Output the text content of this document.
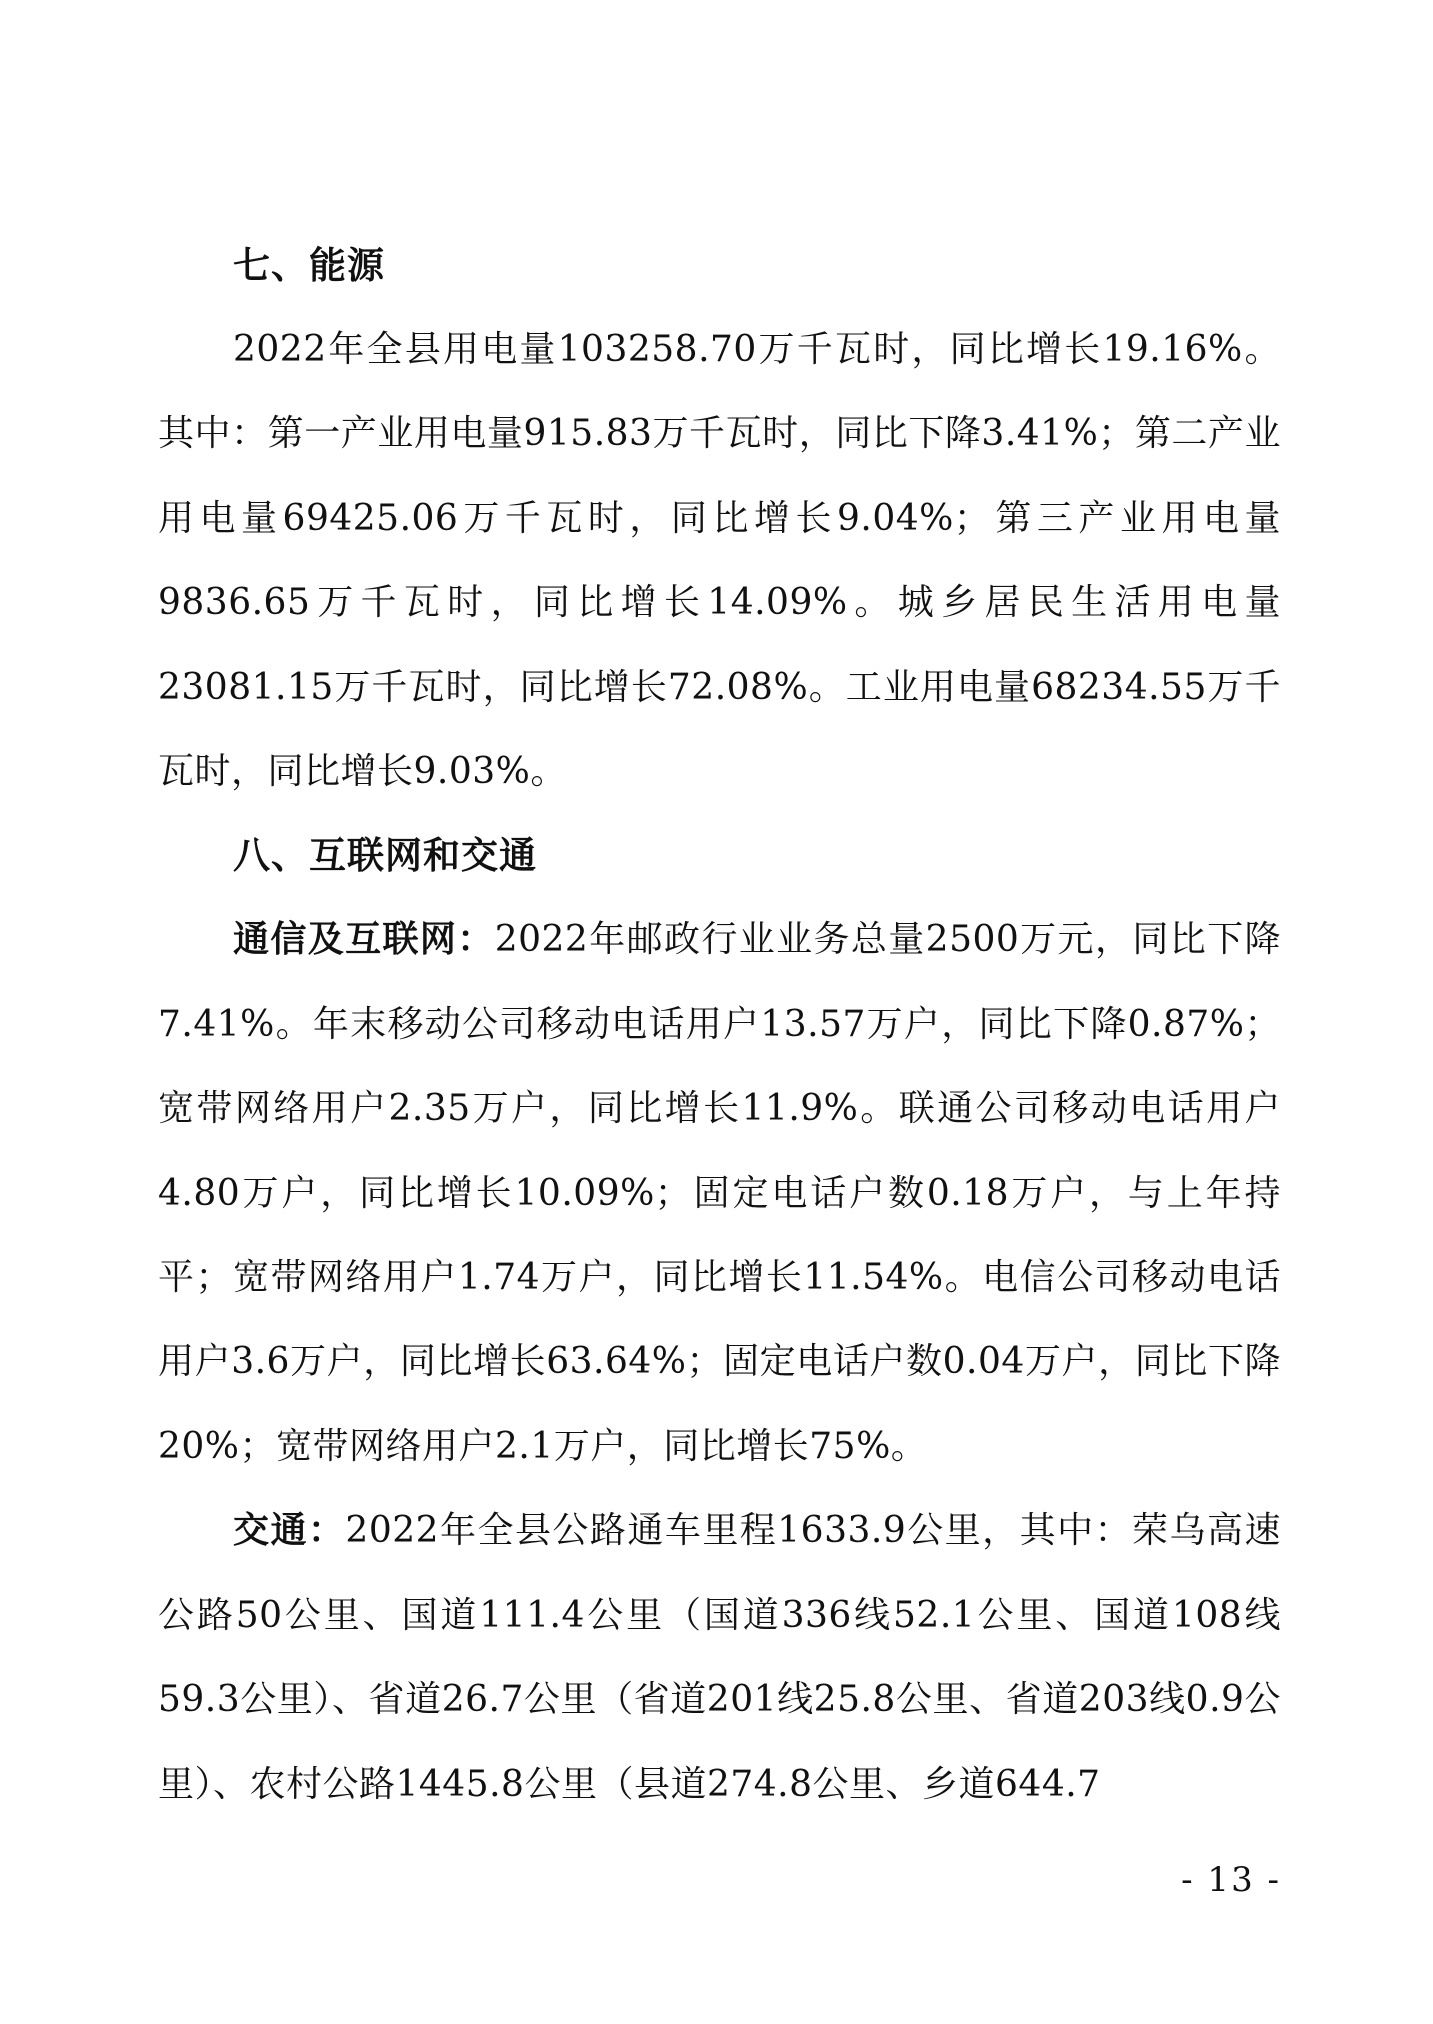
七、能源

2022年全县用电量103258.70万千瓦时，同比增长19.16%。其中：第一产业用电量915.83万千瓦时，同比下降3.41%；第二产业用电量69425.06万千瓦时，同比增长9.04%；第三产业用电量9836.65万千瓦时，同比增长14.09%。城乡居民生活用电量23081.15万千瓦时，同比增长72.08%。工业用电量68234.55万千瓦时，同比增长9.03%。

八、互联网和交通

通信及互联网：2022年邮政行业业务总量2500万元，同比下降7.41%。年末移动公司移动电话用户13.57万户，同比下降0.87%；宽带网络用户2.35万户，同比增长11.9%。联通公司移动电话用户4.80万户，同比增长10.09%；固定电话户数0.18万户，与上年持平；宽带网络用户1.74万户，同比增长11.54%。电信公司移动电话用户3.6万户，同比增长63.64%；固定电话户数0.04万户，同比下降20%；宽带网络用户2.1万户，同比增长75%。

交通：2022年全县公路通车里程1633.9公里，其中：荣乌高速公路50公里、国道111.4公里（国道336线52.1公里、国道108线59.3公里）、省道26.7公里（省道201线25.8公里、省道203线0.9公里）、农村公路1445.8公里（县道274.8公里、乡道644.7

- 13 -
